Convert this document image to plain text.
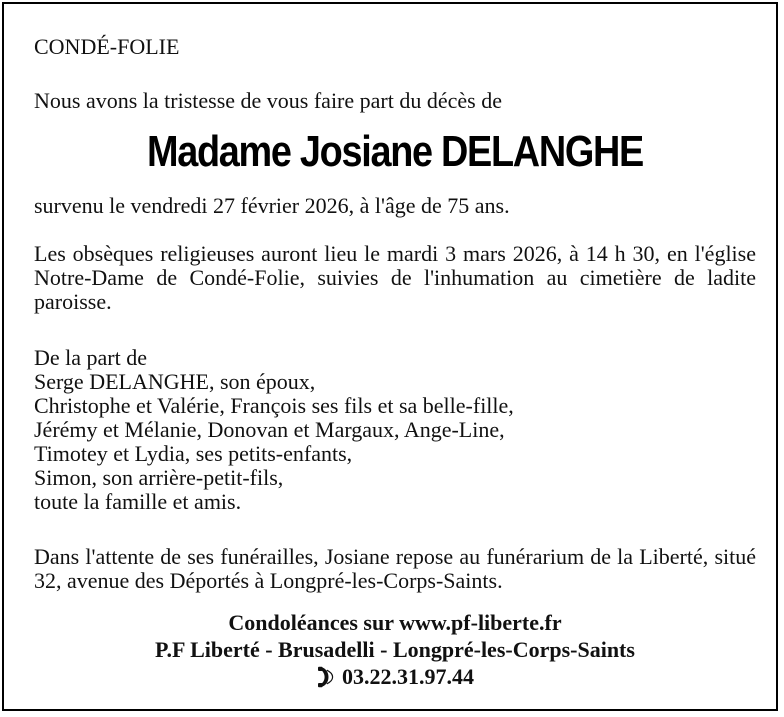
CONDÉ-FOLIE

Nous avons la tristesse de vous faire part du décès de

Madame Josiane DELANGHE

survenu le vendredi 27 février 2026, à l'âge de 75 ans.

Les obsèques religieuses auront lieu le mardi 3 mars 2026, à 14 h 30, en l'église Notre-Dame de Condé-Folie, suivies de l'inhumation au cimetière de ladite paroisse.

De la part de
Serge DELANGHE, son époux,
Christophe et Valérie, François ses fils et sa belle-fille,
Jérémy et Mélanie, Donovan et Margaux, Ange-Line,
Timotey et Lydia, ses petits-enfants,
Simon, son arrière-petit-fils,
toute la famille et amis.

Dans l'attente de ses funérailles, Josiane repose au funérarium de la Liberté, situé 32, avenue des Déportés à Longpré-les-Corps-Saints.

Condoléances sur www.pf-liberte.fr
P.F Liberté - Brusadelli - Longpré-les-Corps-Saints
03.22.31.97.44
